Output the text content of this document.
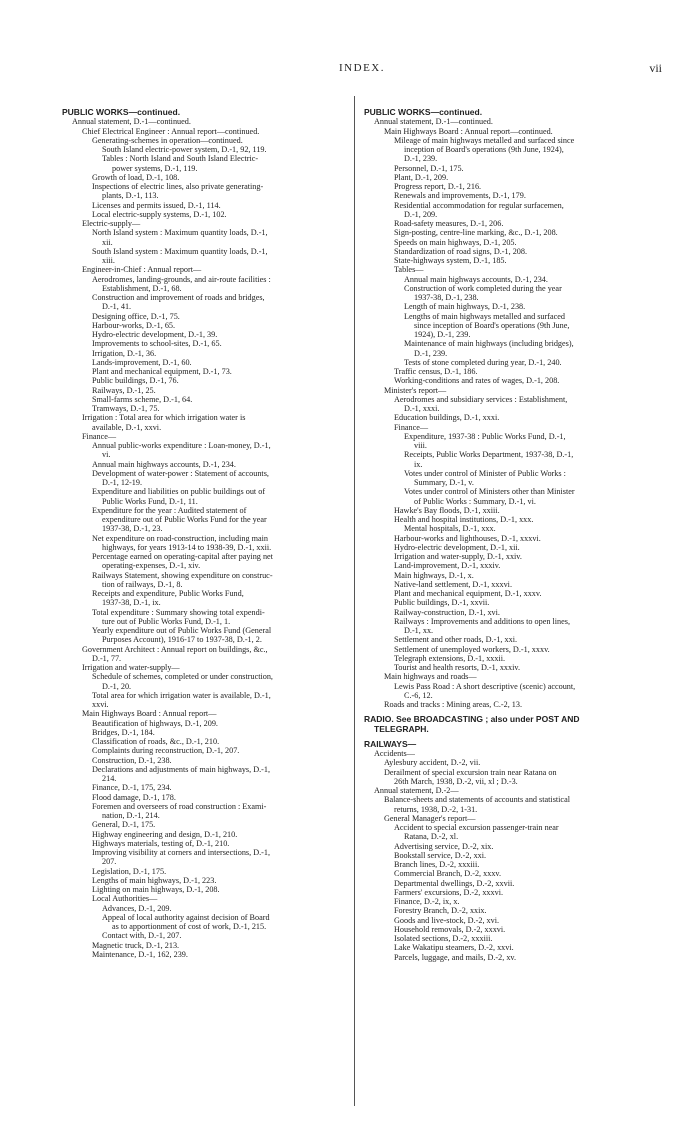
INDEX.	vii
PUBLIC WORKS—continued.
Annual statement, D.-1—continued.
Chief Electrical Engineer : Annual report—continued.
Generating-schemes in operation—continued.
South Island electric-power system, D.-1, 92, 119.
Tables : North Island and South Island Electric-
power systems, D.-1, 119.
Growth of load, D.-1, 108.
Inspections of electric lines, also private generating-
plants, D.-1, 113.
Licenses and permits issued, D.-1, 114.
Local electric-supply systems, D.-1, 102.
Electric-supply—
North Island system : Maximum quantity loads, D.-1,
xii.
South Island system : Maximum quantity loads, D.-1,
xiii.
Engineer-in-Chief : Annual report—
Aerodromes, landing-grounds, and air-route facilities :
Establishment, D.-1, 68.
Construction and improvement of roads and bridges,
D.-1, 41.
Designing office, D.-1, 75.
Harbour-works, D.-1, 65.
Hydro-electric development, D.-1, 39.
Improvements to school-sites, D.-1, 65.
Irrigation, D.-1, 36.
Lands-improvement, D.-1, 60.
Plant and mechanical equipment, D.-1, 73.
Public buildings, D.-1, 76.
Railways, D.-1, 25.
Small-farms scheme, D.-1, 64.
Tramways, D.-1, 75.
Irrigation : Total area for which irrigation water is
available, D.-1, xxvi.
Finance—
Annual public-works expenditure : Loan-money, D.-1,
vi.
Annual main highways accounts, D.-1, 234.
Development of water-power : Statement of accounts,
D.-1, 12-19.
Expenditure and liabilities on public buildings out of
Public Works Fund, D.-1, 11.
Expenditure for the year : Audited statement of
expenditure out of Public Works Fund for the year
1937-38, D.-1, 23.
Net expenditure on road-construction, including main
highways, for years 1913-14 to 1938-39, D.-1, xxii.
Percentage earned on operating-capital after paying net
operating-expenses, D.-1, xiv.
Railways Statement, showing expenditure on construc-
tion of railways, D.-1, 8.
Receipts and expenditure, Public Works Fund,
1937-38, D.-1, ix.
Total expenditure : Summary showing total expendi-
ture out of Public Works Fund, D.-1, 1.
Yearly expenditure out of Public Works Fund (General
Purposes Account), 1916-17 to 1937-38, D.-1, 2.
Government Architect : Annual report on buildings, &c.,
D.-1, 77.
Irrigation and water-supply—
Schedule of schemes, completed or under construction,
D.-1, 20.
Total area for which irrigation water is available, D.-1,
xxvi.
Main Highways Board : Annual report—
Beautification of highways, D.-1, 209.
Bridges, D.-1, 184.
Classification of roads, &c., D.-1, 210.
Complaints during reconstruction, D.-1, 207.
Construction, D.-1, 238.
Declarations and adjustments of main highways, D.-1,
214.
Finance, D.-1, 175, 234.
Flood damage, D.-1, 178.
Foremen and overseers of road construction : Exami-
nation, D.-1, 214.
General, D.-1, 175.
Highway engineering and design, D.-1, 210.
Highways materials, testing of, D.-1, 210.
Improving visibility at corners and intersections, D.-1,
207.
Legislation, D.-1, 175.
Lengths of main highways, D.-1, 223.
Lighting on main highways, D.-1, 208.
Local Authorities—
Advances, D.-1, 209.
Appeal of local authority against decision of Board
as to apportionment of cost of work, D.-1, 215.
Contact with, D.-1, 207.
Magnetic truck, D.-1, 213.
Maintenance, D.-1, 162, 239.
PUBLIC WORKS—continued.
Annual statement, D.-1—continued.
Main Highways Board : Annual report—continued.
Mileage of main highways metalled and surfaced since
inception of Board's operations (9th June, 1924),
D.-1, 239.
Personnel, D.-1, 175.
Plant, D.-1, 209.
Progress report, D.-1, 216.
Renewals and improvements, D.-1, 179.
Residential accommodation for regular surfacemen,
D.-1, 209.
Road-safety measures, D.-1, 206.
Sign-posting, centre-line marking, &c., D.-1, 208.
Speeds on main highways, D.-1, 205.
Standardization of road signs, D.-1, 208.
State-highways system, D.-1, 185.
Tables—
Annual main highways accounts, D.-1, 234.
Construction of work completed during the year
1937-38, D.-1, 238.
Length of main highways, D.-1, 238.
Lengths of main highways metalled and surfaced
since inception of Board's operations (9th June,
1924), D.-1, 239.
Maintenance of main highways (including bridges),
D.-1, 239.
Tests of stone completed during year, D.-1, 240.
Traffic census, D.-1, 186.
Working-conditions and rates of wages, D.-1, 208.
Minister's report—
Aerodromes and subsidiary services : Establishment,
D.-1, xxxi.
Education buildings, D.-1, xxxi.
Finance—
Expenditure, 1937-38 : Public Works Fund, D.-1,
viii.
Receipts, Public Works Department, 1937-38, D.-1,
ix.
Votes under control of Minister of Public Works :
Summary, D.-1, v.
Votes under control of Ministers other than Minister
of Public Works : Summary, D.-1, vi.
Hawke's Bay floods, D.-1, xxiii.
Health and hospital institutions, D.-1, xxx.
Mental hospitals, D.-1, xxx.
Harbour-works and lighthouses, D.-1, xxxvi.
Hydro-electric development, D.-1, xii.
Irrigation and water-supply, D.-1, xxiv.
Land-improvement, D.-1, xxxiv.
Main highways, D.-1, x.
Native-land settlement, D.-1, xxxvi.
Plant and mechanical equipment, D.-1, xxxv.
Public buildings, D.-1, xxvii.
Railway-construction, D.-1, xvi.
Railways : Improvements and additions to open lines,
D.-1, xx.
Settlement and other roads, D.-1, xxi.
Settlement of unemployed workers, D.-1, xxxv.
Telegraph extensions, D.-1, xxxii.
Tourist and health resorts, D.-1, xxxiv.
Main highways and roads—
Lewis Pass Road : A short descriptive (scenic) account,
C.-6, 12.
Roads and tracks : Mining areas, C.-2, 13.
RADIO. See BROADCASTING ; also under POST AND
TELEGRAPH.
RAILWAYS—
Accidents—
Aylesbury accident, D.-2, vii.
Derailment of special excursion train near Ratana on
26th March, 1938, D.-2, vii, xl ; D.-3.
Annual statement, D.-2—
Balance-sheets and statements of accounts and statistical
returns, 1938, D.-2, 1-31.
General Manager's report—
Accident to special excursion passenger-train near
Ratana, D.-2, xl.
Advertising service, D.-2, xix.
Bookstall service, D.-2, xxi.
Branch lines, D.-2, xxxiii.
Commercial Branch, D.-2, xxxv.
Departmental dwellings, D.-2, xxvii.
Farmers' excursions, D.-2, xxxvi.
Finance, D.-2, ix, x.
Forestry Branch, D.-2, xxix.
Goods and live-stock, D.-2, xvi.
Household removals, D.-2, xxxvi.
Isolated sections, D.-2, xxxiii.
Lake Wakatipu steamers, D.-2, xxvi.
Parcels, luggage, and mails, D.-2, xv.
